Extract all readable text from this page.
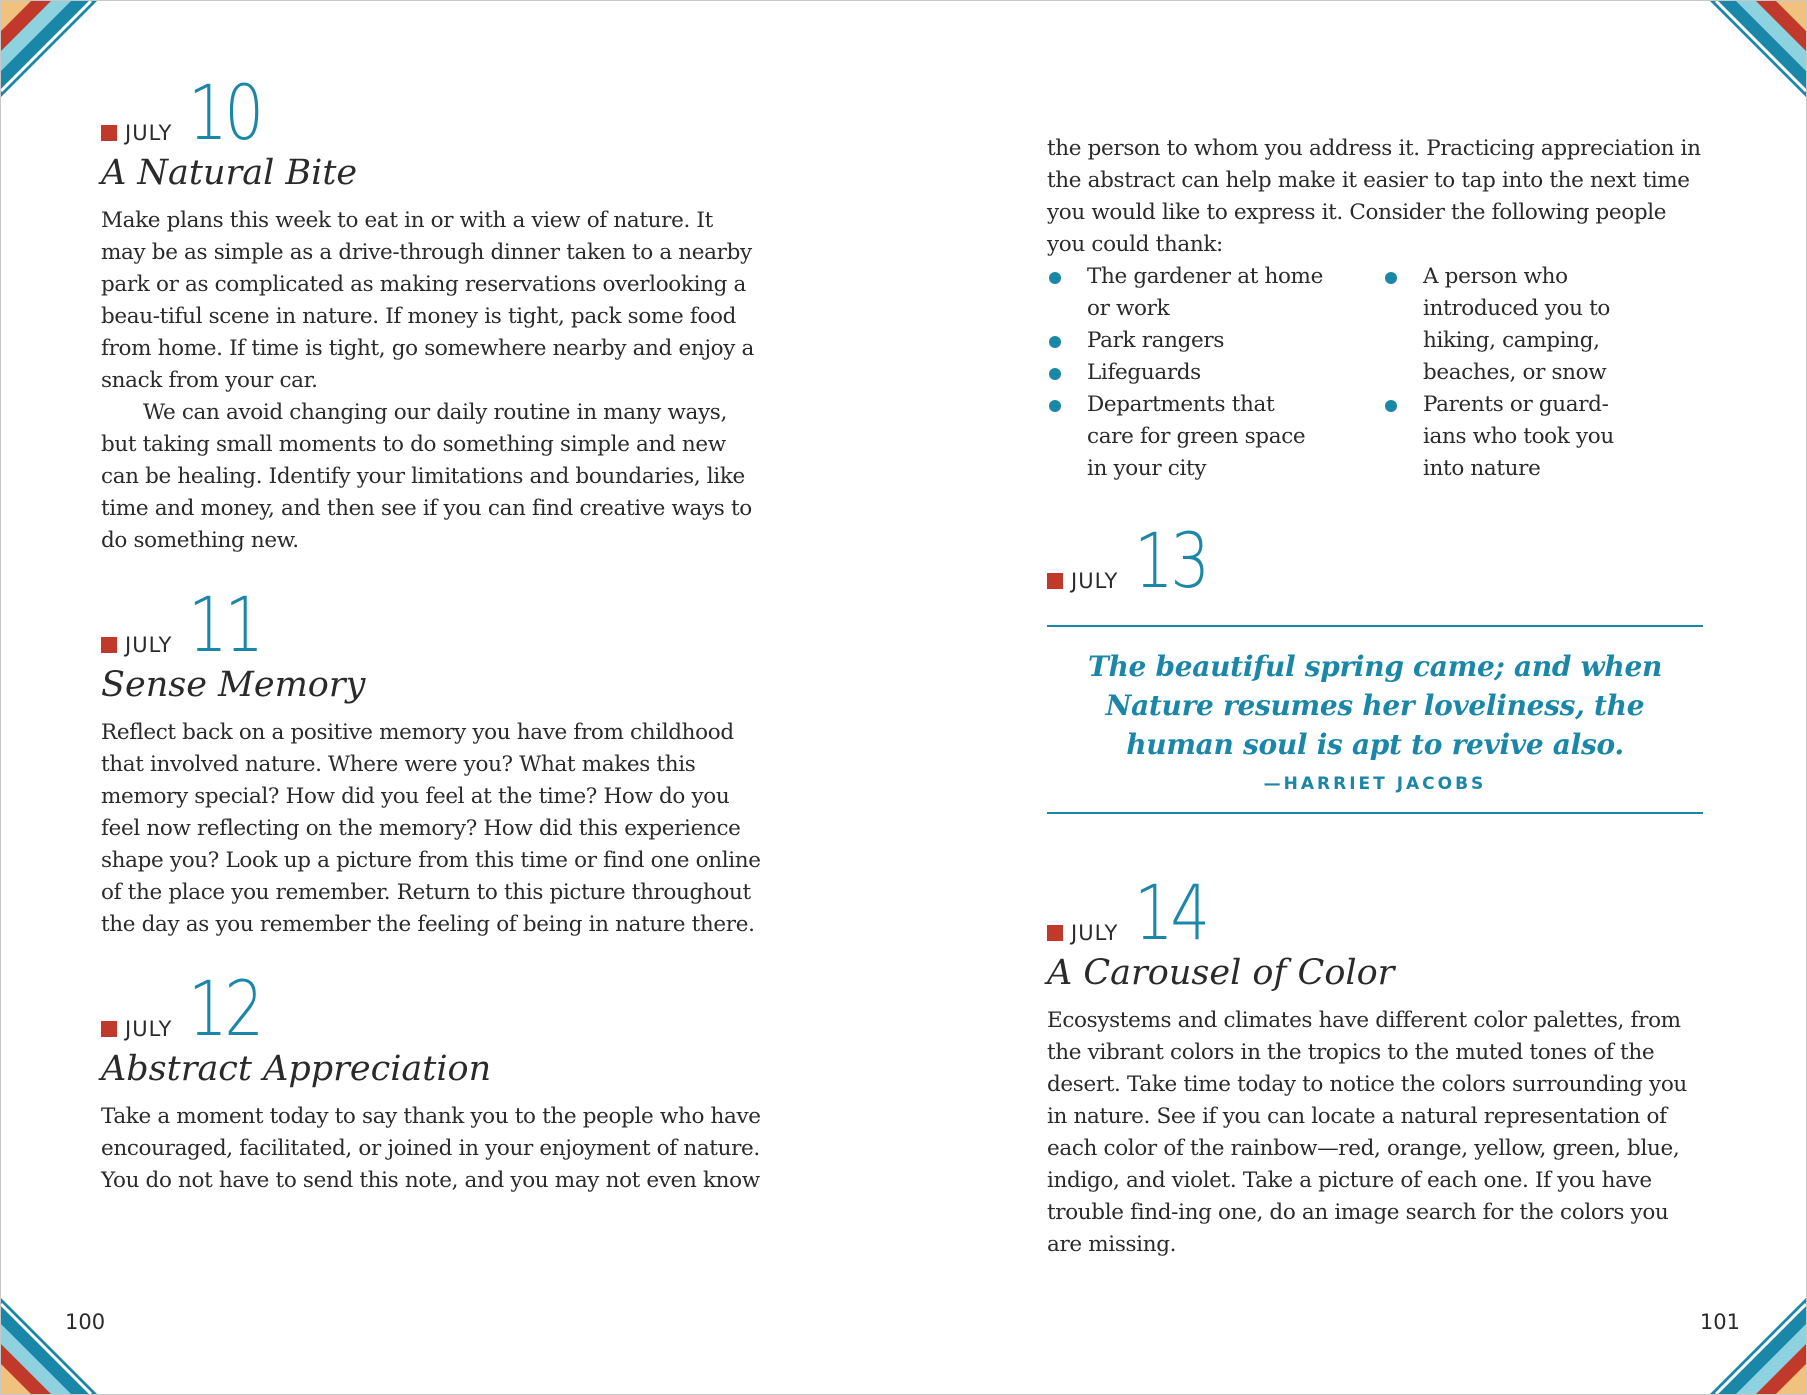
JULY 10
A Natural Bite

Make plans this week to eat in or with a view of nature. It may be as simple as a drive-through dinner taken to a nearby park or as complicated as making reservations overlooking a beau-tiful scene in nature. If money is tight, pack some food from home. If time is tight, go somewhere nearby and enjoy a snack from your car.

We can avoid changing our daily routine in many ways, but taking small moments to do something simple and new can be healing. Identify your limitations and boundaries, like time and money, and then see if you can find creative ways to do something new.

JULY 11
Sense Memory

Reflect back on a positive memory you have from childhood that involved nature. Where were you? What makes this memory special? How did you feel at the time? How do you feel now reflecting on the memory? How did this experience shape you? Look up a picture from this time or find one online of the place you remember. Return to this picture throughout the day as you remember the feeling of being in nature there.

JULY 12
Abstract Appreciation

Take a moment today to say thank you to the people who have encouraged, facilitated, or joined in your enjoyment of nature. You do not have to send this note, and you may not even know

100

the person to whom you address it. Practicing appreciation in the abstract can help make it easier to tap into the next time you would like to express it. Consider the following people you could thank:

The gardener at home or work
Park rangers
Lifeguards
Departments that care for green space in your city
A person who introduced you to hiking, camping, beaches, or snow
Parents or guard-ians who took you into nature
JULY 13
The beautiful spring came; and when Nature resumes her loveliness, the human soul is apt to revive also.
—HARRIET JACOBS
JULY 14
A Carousel of Color

Ecosystems and climates have different color palettes, from the vibrant colors in the tropics to the muted tones of the desert. Take time today to notice the colors surrounding you in nature. See if you can locate a natural representation of each color of the rainbow—red, orange, yellow, green, blue, indigo, and violet. Take a picture of each one. If you have trouble find-ing one, do an image search for the colors you are missing.

101
